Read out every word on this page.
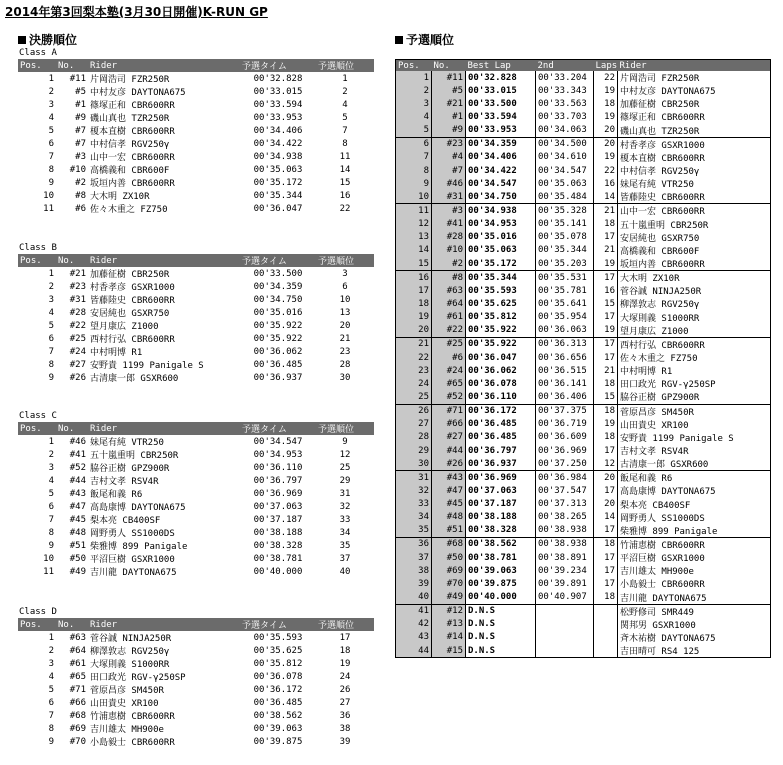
2014年第3回梨本塾(3月30日開催)K-RUN GP
決勝順位	予選順位
Class A
Pos.	No.	Rider	予選タイム	予選順位
1	#11	片岡浩司 FZR250R	00'32.828	1
2	#5	中村友彦 DAYTONA675	00'33.015	2
3	#1	篠塚正和 CBR600RR	00'33.594	4
4	#9	磯山真也 TZR250R	00'33.953	5
5	#7	榎本直樹 CBR600RR	00'34.406	7
6	#7	中村信孝 RGV250γ	00'34.422	8
7	#3	山中一宏 CBR600RR	00'34.938	11
8	#10	高橋義和 CBR600F	00'35.063	14
9	#2	坂垣内善 CBR600RR	00'35.172	15
10	#8	大木明 ZX10R	00'35.344	16
11	#6	佐々木重之 FZ750	00'36.047	22
Class B
Pos.	No.	Rider	予選タイム	予選順位
1	#21	加藤征樹 CBR250R	00'33.500	3
2	#23	村香孝彦 GSXR1000	00'34.359	6
3	#31	皆藤陸史 CBR600RR	00'34.750	10
4	#28	安居純也 GSXR750	00'35.016	13
5	#22	望月康広 Z1000	00'35.922	20
6	#25	西村行弘 CBR600RR	00'35.922	21
7	#24	中村明博 R1	00'36.062	23
8	#27	安野貴 1199 Panigale S	00'36.485	28
9	#26	古清康一郎 GSXR600	00'36.937	30
Class C
Pos.	No.	Rider	予選タイム	予選順位
1	#46	妹尾有純 VTR250	00'34.547	9
2	#41	五十嵐重明 CBR250R	00'34.953	12
3	#52	脇谷正樹 GPZ900R	00'36.110	25
4	#44	吉村文孝 RSV4R	00'36.797	29
5	#43	飯尾和義 R6	00'36.969	31
6	#47	高島康博 DAYTONA675	00'37.063	32
7	#45	梨本亮 CB400SF	00'37.187	33
8	#48	岡野勇人 SS1000DS	00'38.188	34
9	#51	柴雅博 899 Panigale	00'38.328	35
10	#50	平沼巨樹 GSXR1000	00'38.781	37
11	#49	吉川龍 DAYTONA675	00'40.000	40
Class D
Pos.	No.	Rider	予選タイム	予選順位
1	#63	菅谷誠 NINJA250R	00'35.593	17
2	#64	柳澤敦志 RGV250γ	00'35.625	18
3	#61	大塚則義 S1000RR	00'35.812	19
4	#65	田口政光 RGV-γ250SP	00'36.078	24
5	#71	菅原昌彦 SM450R	00'36.172	26
6	#66	山田貴史 XR100	00'36.485	27
7	#68	竹浦恵樹 CBR600RR	00'38.562	36
8	#69	吉川雄太 MH900e	00'39.063	38
9	#70	小島毅士 CBR600RR	00'39.875	39
Pos.	No.	Best Lap	2nd	Laps	Rider
1	#11	00'32.828	00'33.204	22	片岡浩司 FZR250R
2	#5	00'33.015	00'33.343	19	中村友彦 DAYTONA675
3	#21	00'33.500	00'33.563	18	加藤征樹 CBR250R
4	#1	00'33.594	00'33.703	19	篠塚正和 CBR600RR
5	#9	00'33.953	00'34.063	20	磯山真也 TZR250R
6	#23	00'34.359	00'34.500	20	村香孝彦 GSXR1000
7	#4	00'34.406	00'34.610	19	榎本直樹 CBR600RR
8	#7	00'34.422	00'34.547	22	中村信孝 RGV250γ
9	#46	00'34.547	00'35.063	16	妹尾有純 VTR250
10	#31	00'34.750	00'35.484	14	皆藤陸史 CBR600RR
11	#3	00'34.938	00'35.328	21	山中一宏 CBR600RR
12	#41	00'34.953	00'35.141	18	五十嵐重明 CBR250R
13	#28	00'35.016	00'35.078	17	安居純也 GSXR750
14	#10	00'35.063	00'35.344	21	高橋義和 CBR600F
15	#2	00'35.172	00'35.203	19	坂垣内善 CBR600RR
16	#8	00'35.344	00'35.531	17	大木明 ZX10R
17	#63	00'35.593	00'35.781	16	菅谷誠 NINJA250R
18	#64	00'35.625	00'35.641	15	柳澤敦志 RGV250γ
19	#61	00'35.812	00'35.954	17	大塚則義 S1000RR
20	#22	00'35.922	00'36.063	19	望月康広 Z1000
21	#25	00'35.922	00'36.313	17	西村行弘 CBR600RR
22	#6	00'36.047	00'36.656	17	佐々木重之 FZ750
23	#24	00'36.062	00'36.515	21	中村明博 R1
24	#65	00'36.078	00'36.141	18	田口政光 RGV-γ250SP
25	#52	00'36.110	00'36.406	15	脇谷正樹 GPZ900R
26	#71	00'36.172	00'37.375	18	菅原昌彦 SM450R
27	#66	00'36.485	00'36.719	19	山田貴史 XR100
28	#27	00'36.485	00'36.609	18	安野貴 1199 Panigale S
29	#44	00'36.797	00'36.969	17	吉村文孝 RSV4R
30	#26	00'36.937	00'37.250	12	古清康一郎 GSXR600
31	#43	00'36.969	00'36.984	20	飯尾和義 R6
32	#47	00'37.063	00'37.547	17	高島康博 DAYTONA675
33	#45	00'37.187	00'37.313	20	梨本亮 CB400SF
34	#48	00'38.188	00'38.265	14	岡野勇人 SS1000DS
35	#51	00'38.328	00'38.938	17	柴雅博 899 Panigale
36	#68	00'38.562	00'38.938	18	竹浦恵樹 CBR600RR
37	#50	00'38.781	00'38.891	17	平沼巨樹 GSXR1000
38	#69	00'39.063	00'39.234	17	吉川雄太 MH900e
39	#70	00'39.875	00'39.891	17	小島毅士 CBR600RR
40	#49	00'40.000	00'40.907	18	吉川龍 DAYTONA675
41	#12	D.N.S			松野修司 SMR449
42	#13	D.N.S			関邦男 GSXR1000
43	#14	D.N.S			斉木祐樹 DAYTONA675
44	#15	D.N.S			吉田晴可 RS4 125
